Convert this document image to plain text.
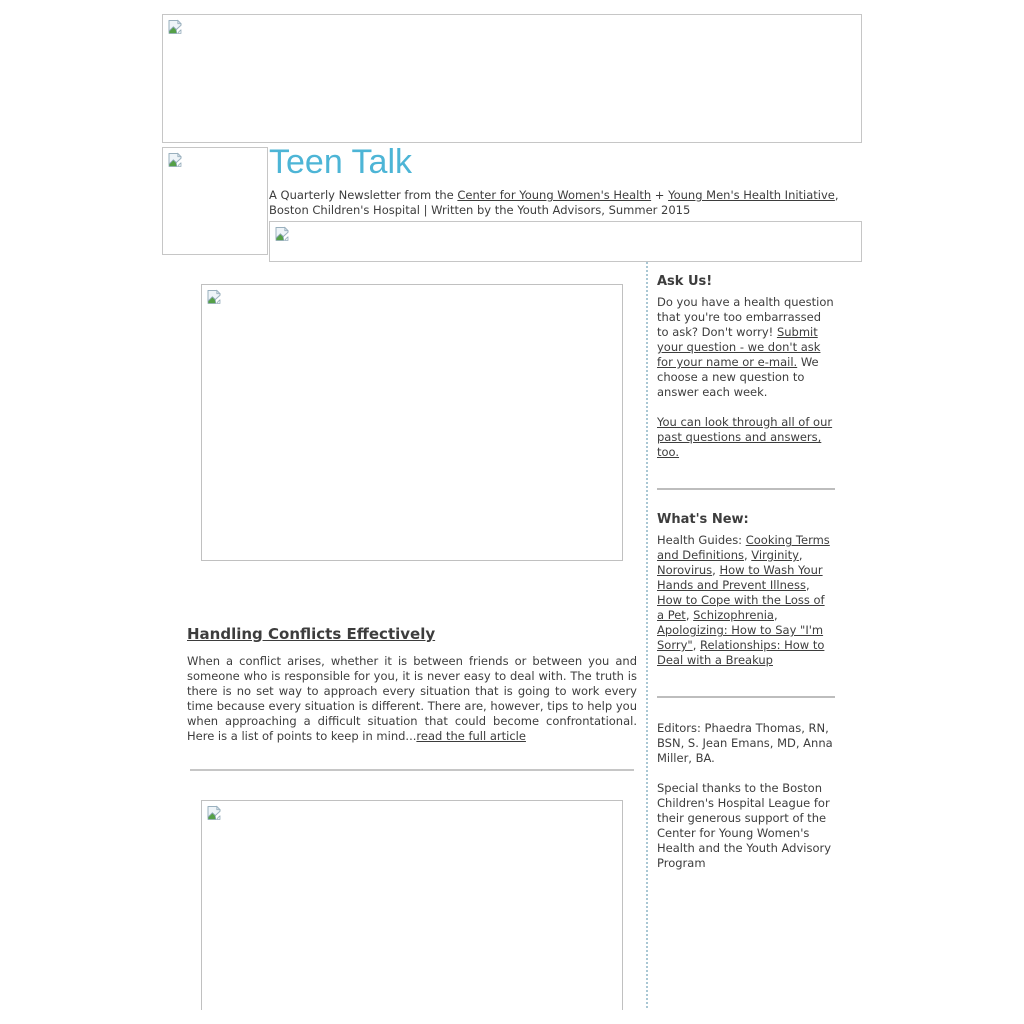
Teen Talk

A Quarterly Newsletter from the Center for Young Women's Health + Young Men's Health Initiative, Boston Children's Hospital | Written by the Youth Advisors, Summer 2015

Handling Conflicts Effectively

When a conflict arises, whether it is between friends or between you and someone who is responsible for you, it is never easy to deal with. The truth is there is no set way to approach every situation that is going to work every time because every situation is different. There are, however, tips to help you when approaching a difficult situation that could become confrontational. Here is a list of points to keep in mind...read the full article

Ask Us!

Do you have a health question that you're too embarrassed to ask? Don't worry! Submit your question - we don't ask for your name or e-mail. We choose a new question to answer each week.

You can look through all of our past questions and answers, too.

What's New:

Health Guides: Cooking Terms and Definitions, Virginity, Norovirus, How to Wash Your Hands and Prevent Illness, How to Cope with the Loss of a Pet, Schizophrenia, Apologizing: How to Say "I'm Sorry", Relationships: How to Deal with a Breakup

Editors: Phaedra Thomas, RN, BSN, S. Jean Emans, MD, Anna Miller, BA.

Special thanks to the Boston Children's Hospital League for their generous support of the Center for Young Women's Health and the Youth Advisory Program
